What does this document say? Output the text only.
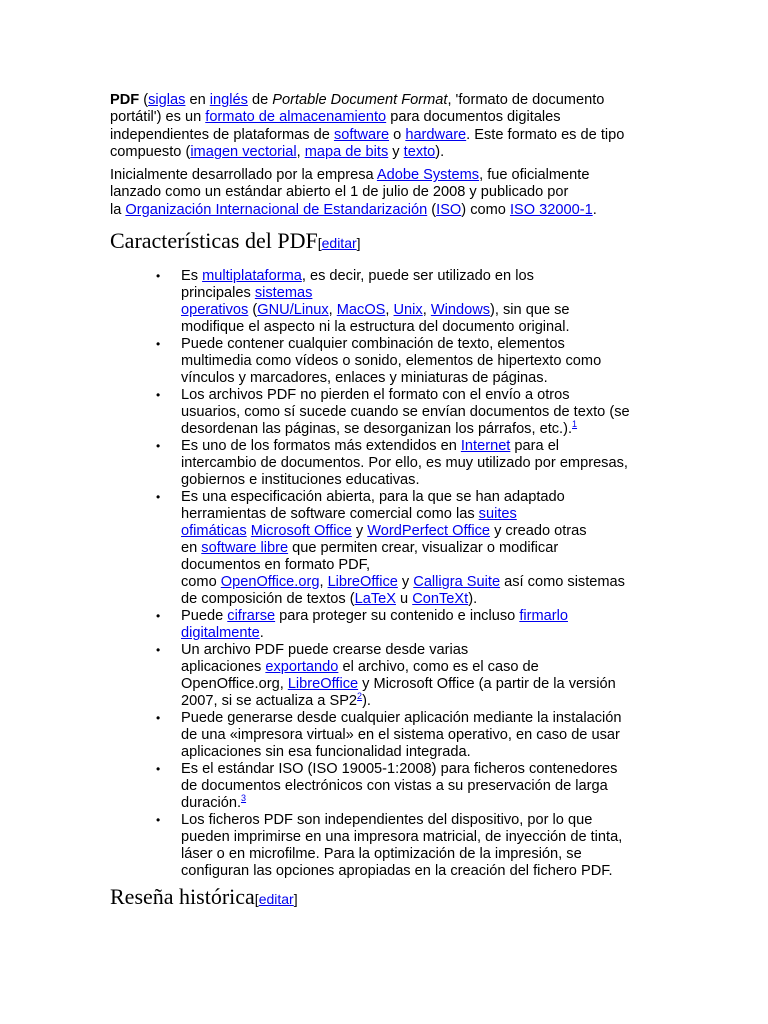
PDF (siglas en inglés de Portable Document Format, 'formato de documento
portátil') es un formato de almacenamiento para documentos digitales
independientes de plataformas de software o hardware. Este formato es de tipo
compuesto (imagen vectorial, mapa de bits y texto).

Inicialmente desarrollado por la empresa Adobe Systems, fue oficialmente
lanzado como un estándar abierto el 1 de julio de 2008 y publicado por
la Organización Internacional de Estandarización (ISO) como ISO 32000-1.

Características del PDF[editar]
• Es multiplataforma, es decir, puede ser utilizado en los
principales sistemas
operativos (GNU/Linux, MacOS, Unix, Windows), sin que se
modifique el aspecto ni la estructura del documento original.
• Puede contener cualquier combinación de texto, elementos
multimedia como vídeos o sonido, elementos de hipertexto como
vínculos y marcadores, enlaces y miniaturas de páginas.
• Los archivos PDF no pierden el formato con el envío a otros
usuarios, como sí sucede cuando se envían documentos de texto (se
desordenan las páginas, se desorganizan los párrafos, etc.).$^1$
• Es uno de los formatos más extendidos en Internet para el
intercambio de documentos. Por ello, es muy utilizado por empresas,
gobiernos e instituciones educativas.
• Es una especificación abierta, para la que se han adaptado
herramientas de software comercial como las suites
ofimáticas Microsoft Office y WordPerfect Office y creado otras
en software libre que permiten crear, visualizar o modificar
documentos en formato PDF,
como OpenOffice.org, LibreOffice y Calligra Suite así como sistemas
de composición de textos (LaTeX u ConTeXt).
• Puede cifrarse para proteger su contenido e incluso firmarlo
digitalmente.
• Un archivo PDF puede crearse desde varias
aplicaciones exportando el archivo, como es el caso de
OpenOffice.org, LibreOffice y Microsoft Office (a partir de la versión
2007, si se actualiza a $SP2^2$).
• Puede generarse desde cualquier aplicación mediante la instalación
de una «impresora virtual» en el sistema operativo, en caso de usar
aplicaciones sin esa funcionalidad integrada.
• Es el estándar ISO (ISO 19005-1:2008) para ficheros contenedores
de documentos electrónicos con vistas a su preservación de larga
duración.$^3$
• Los ficheros PDF son independientes del dispositivo, por lo que
pueden imprimirse en una impresora matricial, de inyección de tinta,
láser o en microfilme. Para la optimización de la impresión, se
configuran las opciones apropiadas en la creación del fichero PDF.
Reseña histórica[editar]
